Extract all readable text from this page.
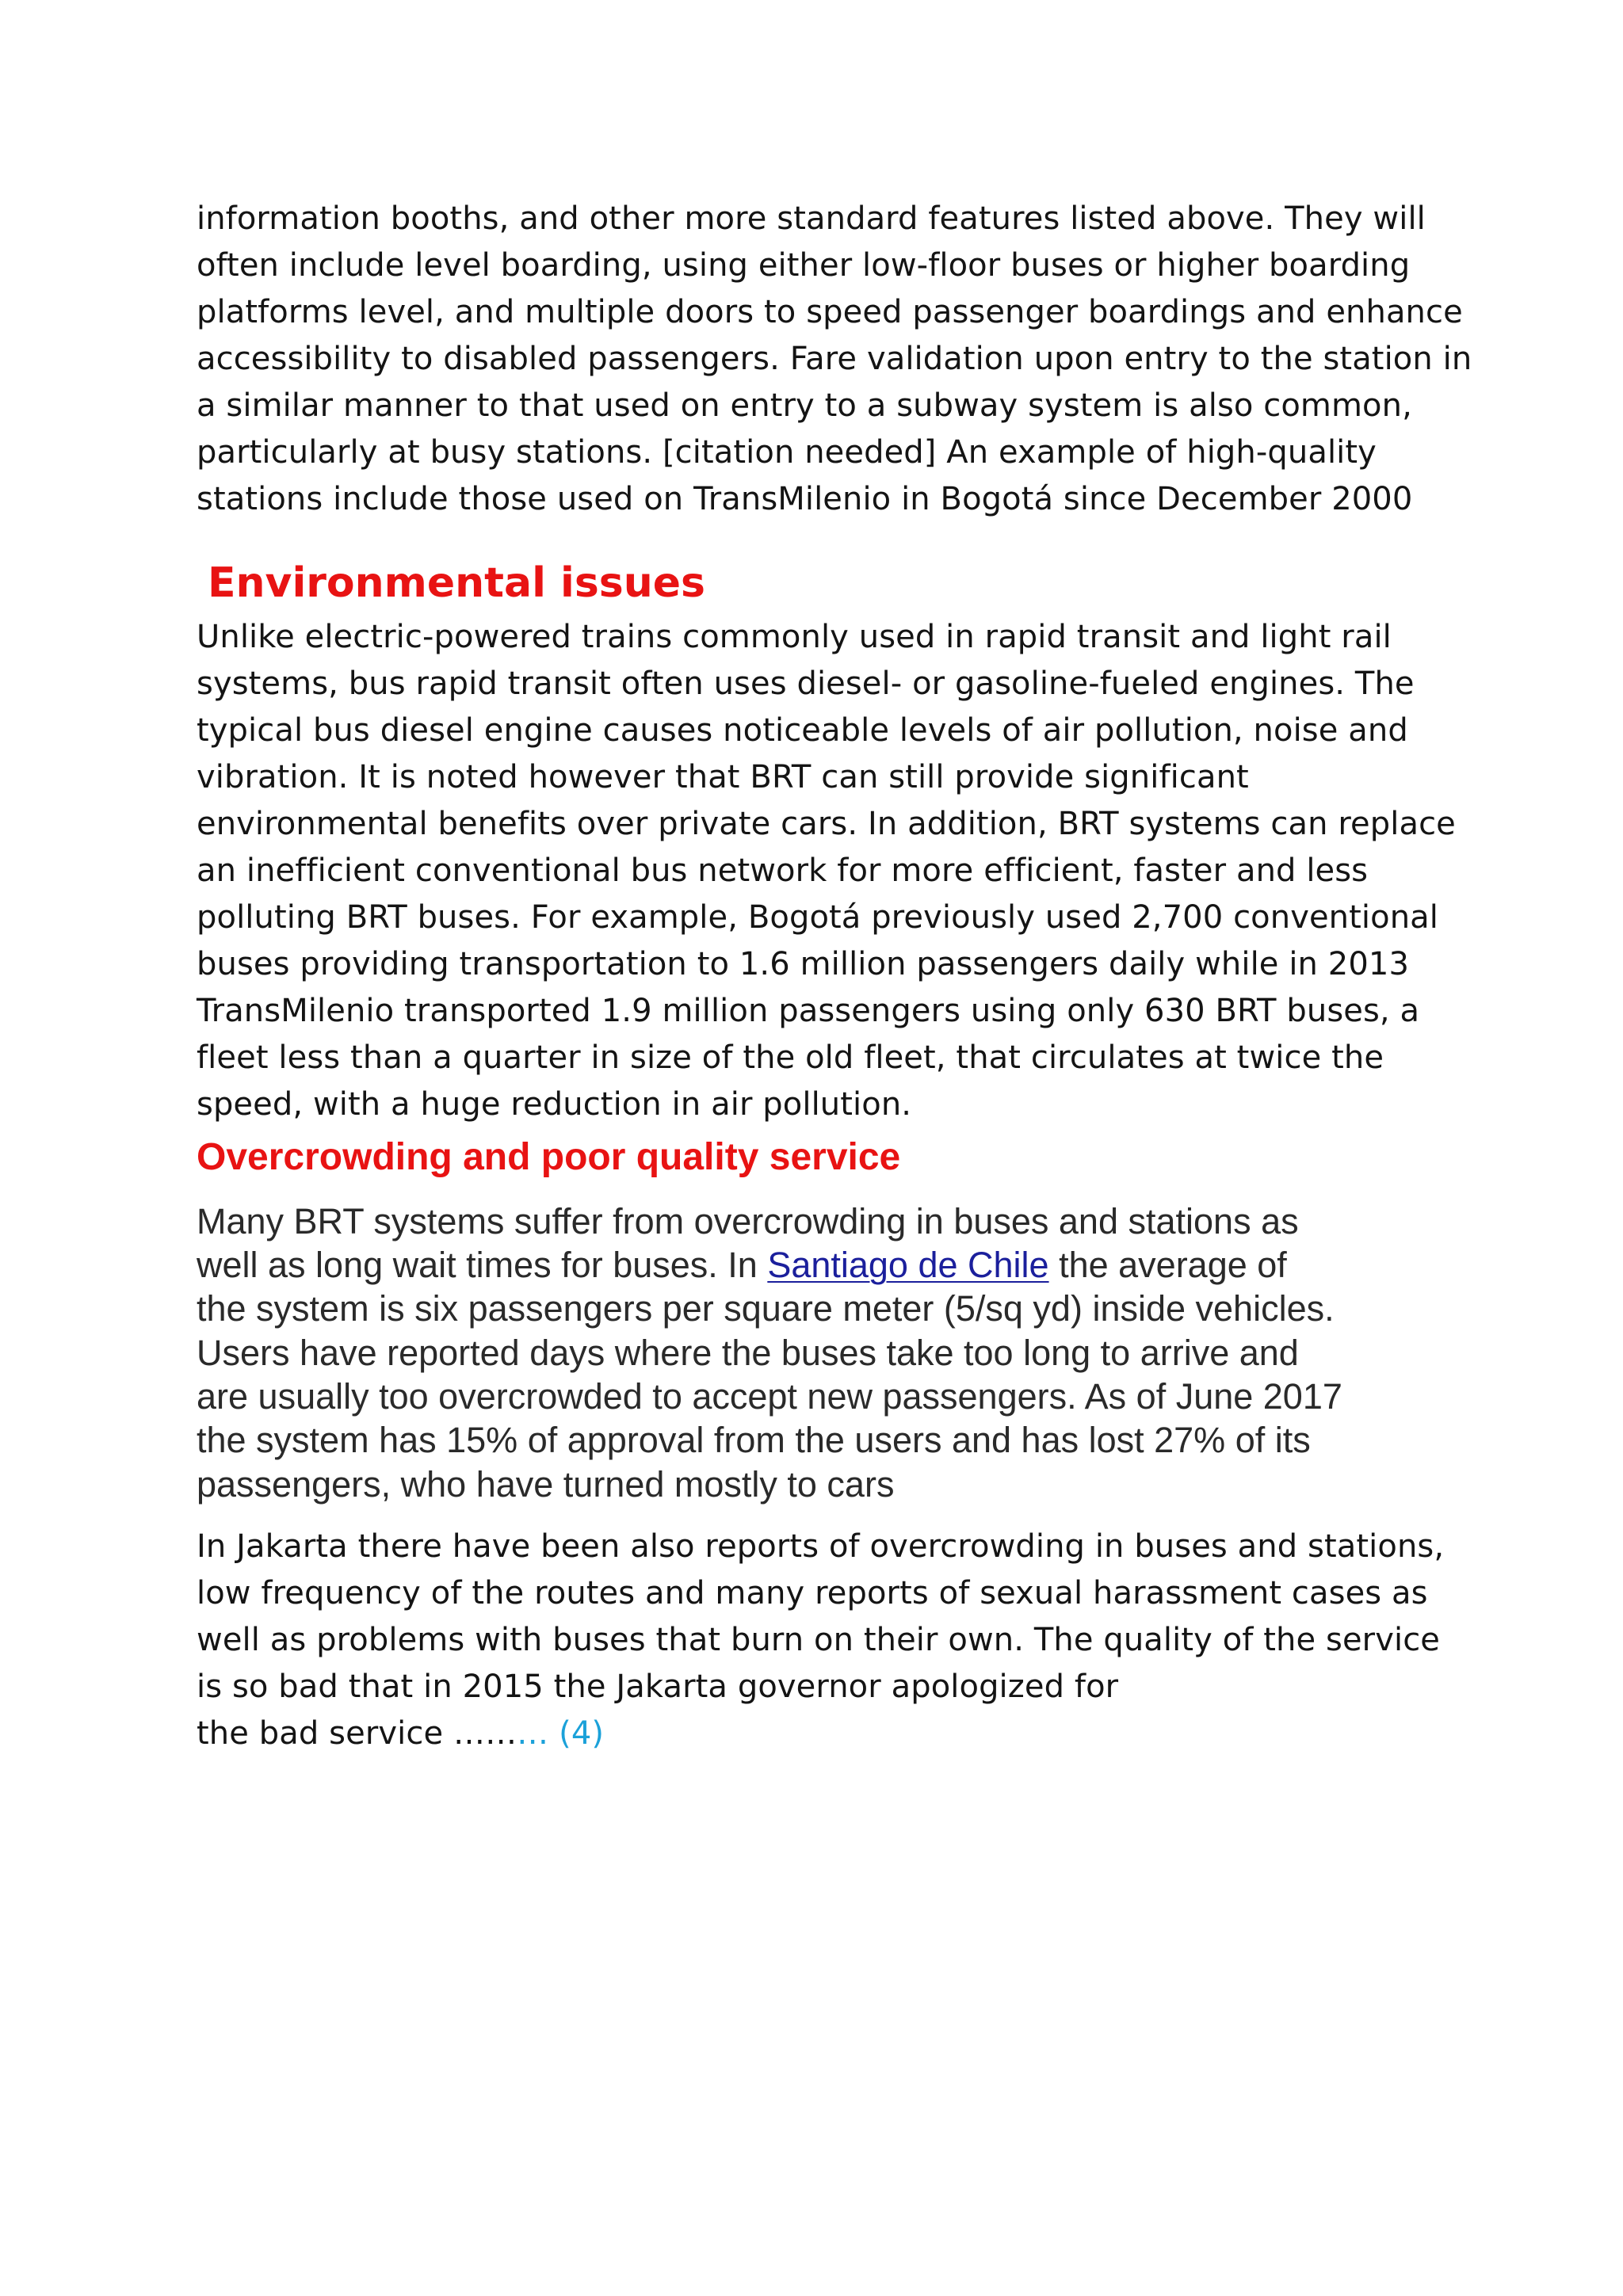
information booths, and other more standard features listed above. They will

often include level boarding, using either low-floor buses or higher boarding

platforms level, and multiple doors to speed passenger boardings and enhance

accessibility to disabled passengers. Fare validation upon entry to the station in

a similar manner to that used on entry to a subway system is also common,

particularly at busy stations. [citation needed] An example of high-quality

stations include those used on TransMilenio in Bogotá since December 2000

Environmental issues

Unlike electric-powered trains commonly used in rapid transit and light rail

systems, bus rapid transit often uses diesel- or gasoline-fueled engines. The

typical bus diesel engine causes noticeable levels of air pollution, noise and

vibration. It is noted however that BRT can still provide significant

environmental benefits over private cars. In addition, BRT systems can replace

an inefficient conventional bus network for more efficient, faster and less

polluting BRT buses. For example, Bogotá previously used 2,700 conventional

buses providing transportation to 1.6 million passengers daily while in 2013

TransMilenio transported 1.9 million passengers using only 630 BRT buses, a

fleet less than a quarter in size of the old fleet, that circulates at twice the

speed, with a huge reduction in air pollution.

Overcrowding and poor quality service

Many BRT systems suffer from overcrowding in buses and stations as

well as long wait times for buses. In Santiago de Chile the average of

the system is six passengers per square meter (5/sq yd) inside vehicles.

Users have reported days where the buses take too long to arrive and

are usually too overcrowded to accept new passengers. As of June 2017

the system has 15% of approval from the users and has lost 27% of its

passengers, who have turned mostly to cars

In Jakarta there have been also reports of overcrowding in buses and stations,

low frequency of the routes and many reports of sexual harassment cases as

well as problems with buses that burn on their own. The quality of the service

is so bad that in 2015 the Jakarta governor apologized for

the bad service ……… (4)
